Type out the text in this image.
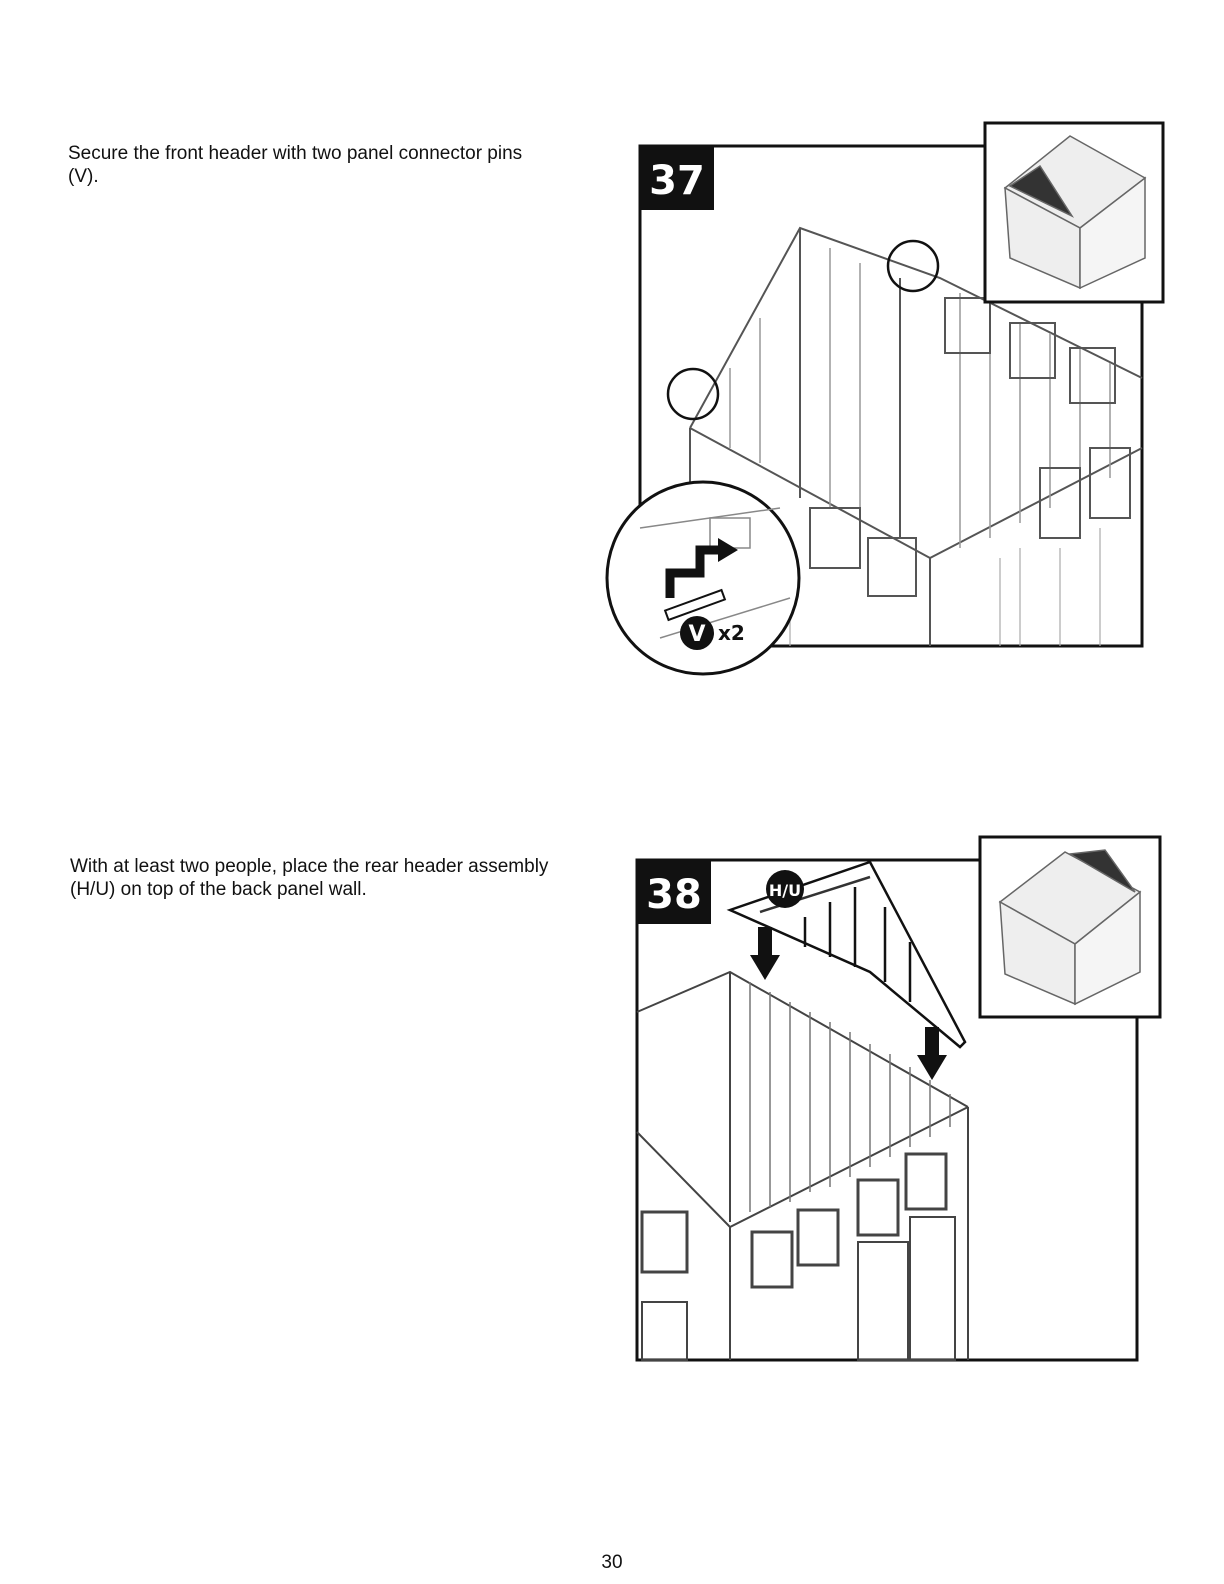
Secure the front header with two panel connector pins (V).	37
V x2
With at least two people, place the rear header assembly (H/U) on top of the back panel wall.	H/U
38
30
